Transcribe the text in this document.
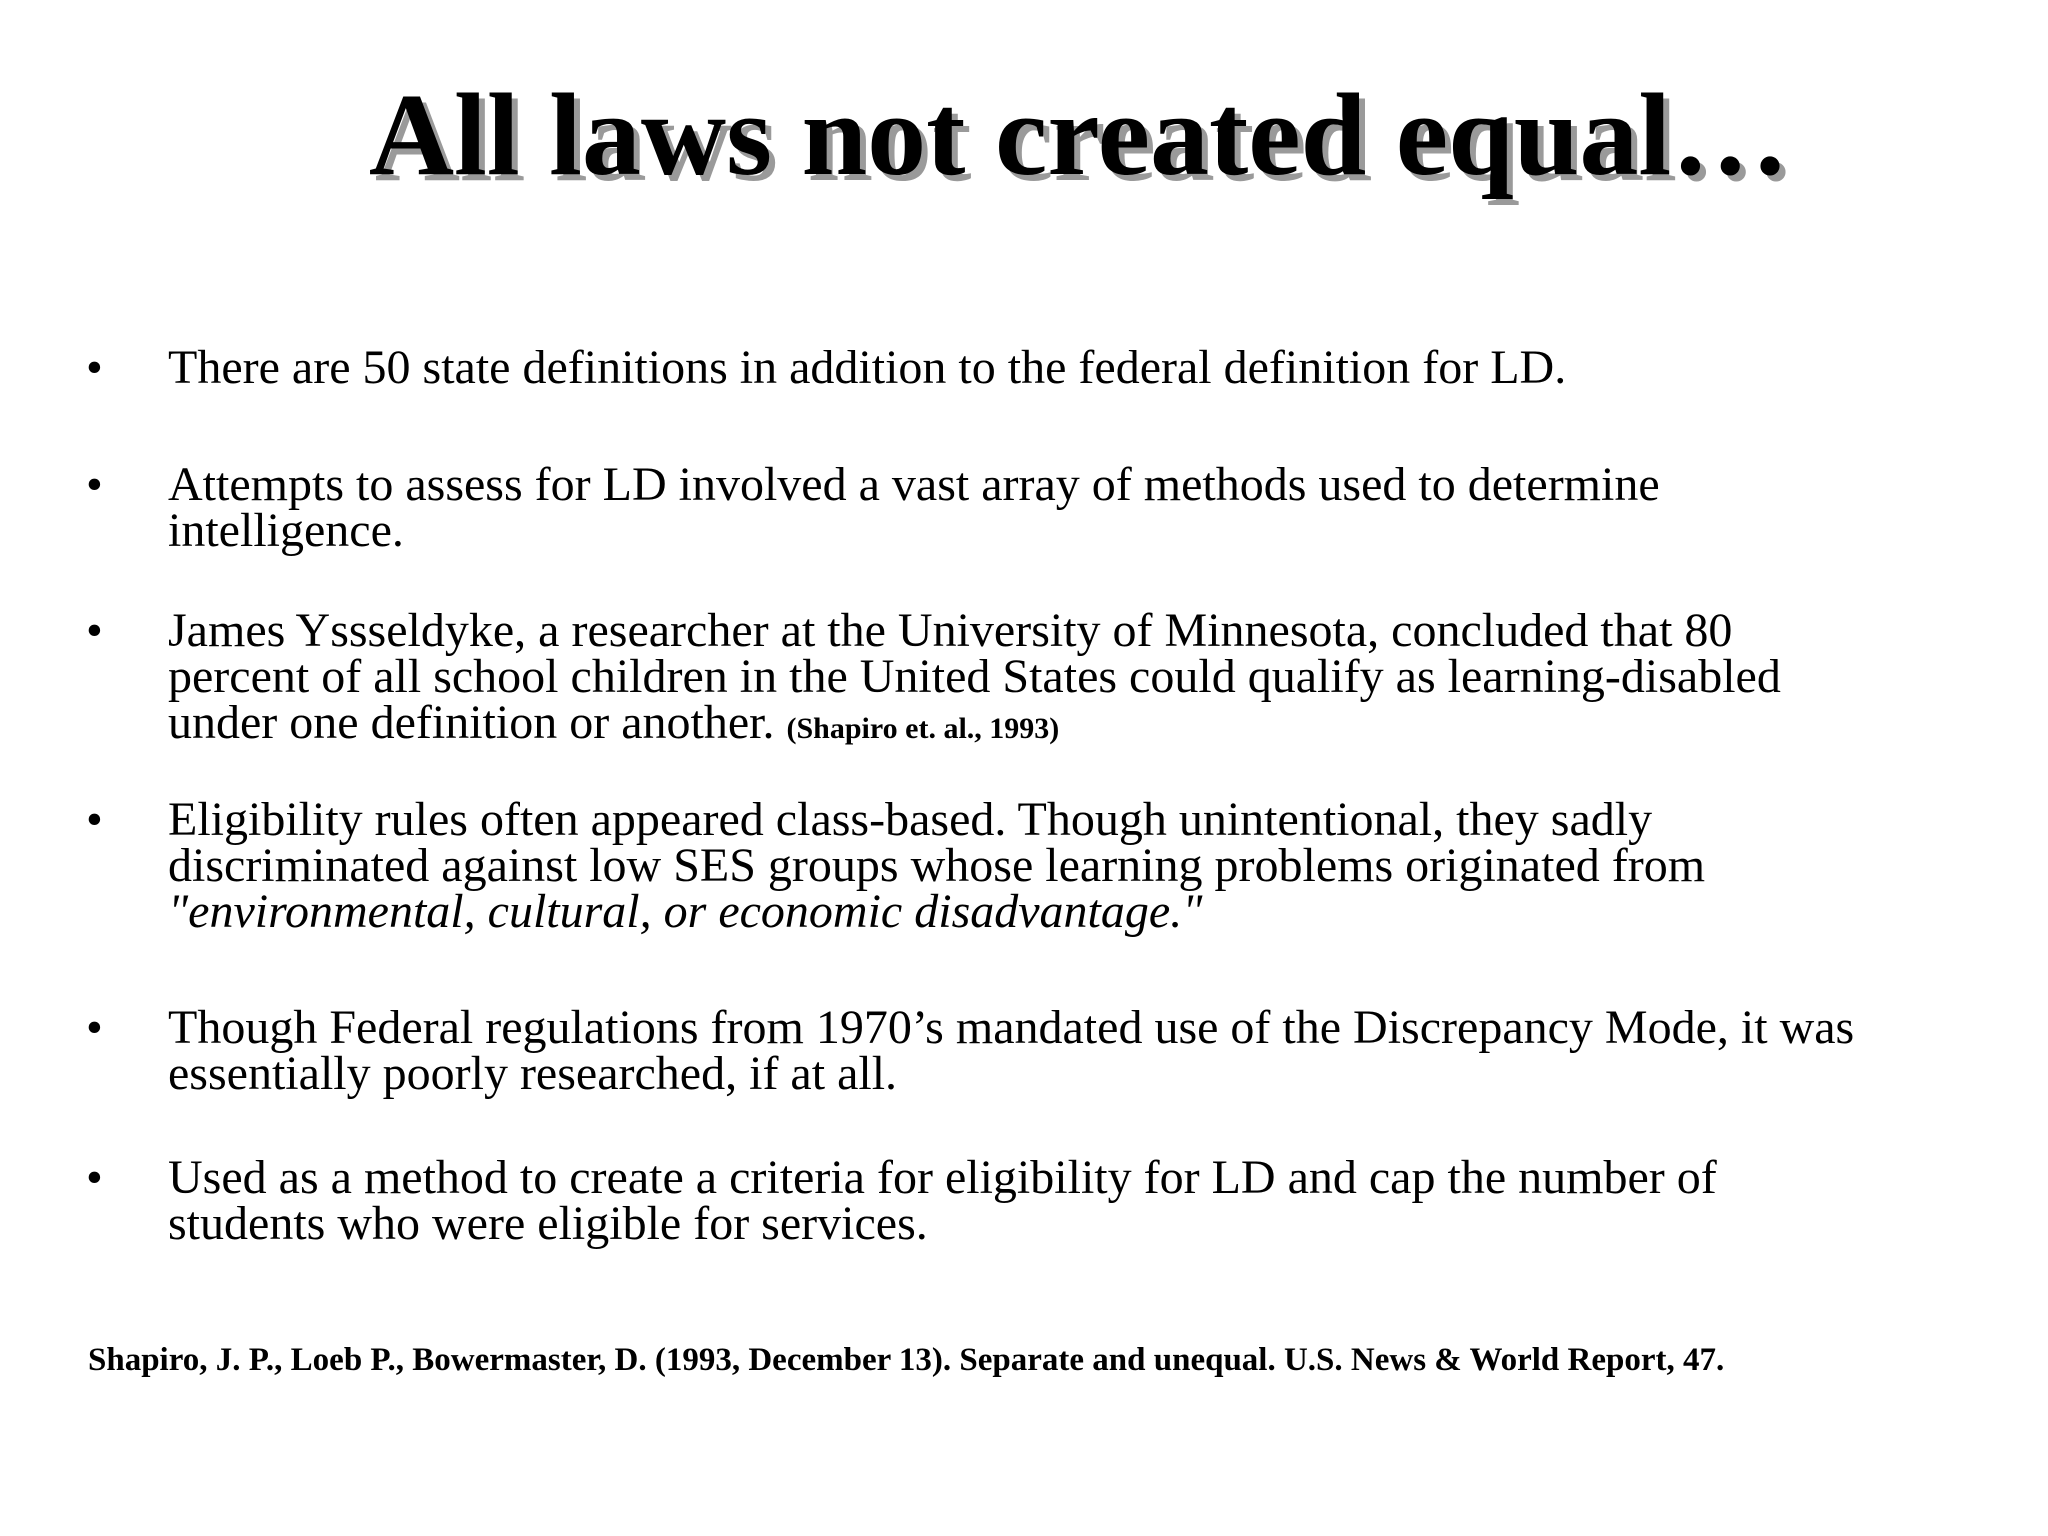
All laws not created equal…
• There are 50 state definitions in addition to the federal definition for LD.
• Attempts to assess for LD involved a vast array of methods used to determine
intelligence.
• James Yssseldyke, a researcher at the University of Minnesota, concluded that 80
percent of all school children in the United States could qualify as learning-disabled
under one definition or another. (Shapiro et. al., 1993)
• Eligibility rules often appeared class-based. Though unintentional, they sadly
discriminated against low SES groups whose learning problems originated from
"environmental, cultural, or economic disadvantage."
• Though Federal regulations from 1970’s mandated use of the Discrepancy Mode, it was
essentially poorly researched, if at all.
• Used as a method to create a criteria for eligibility for LD and cap the number of
students who were eligible for services.
Shapiro, J. P., Loeb P., Bowermaster, D. (1993, December 13). Separate and unequal. U.S. News & World Report, 47.
